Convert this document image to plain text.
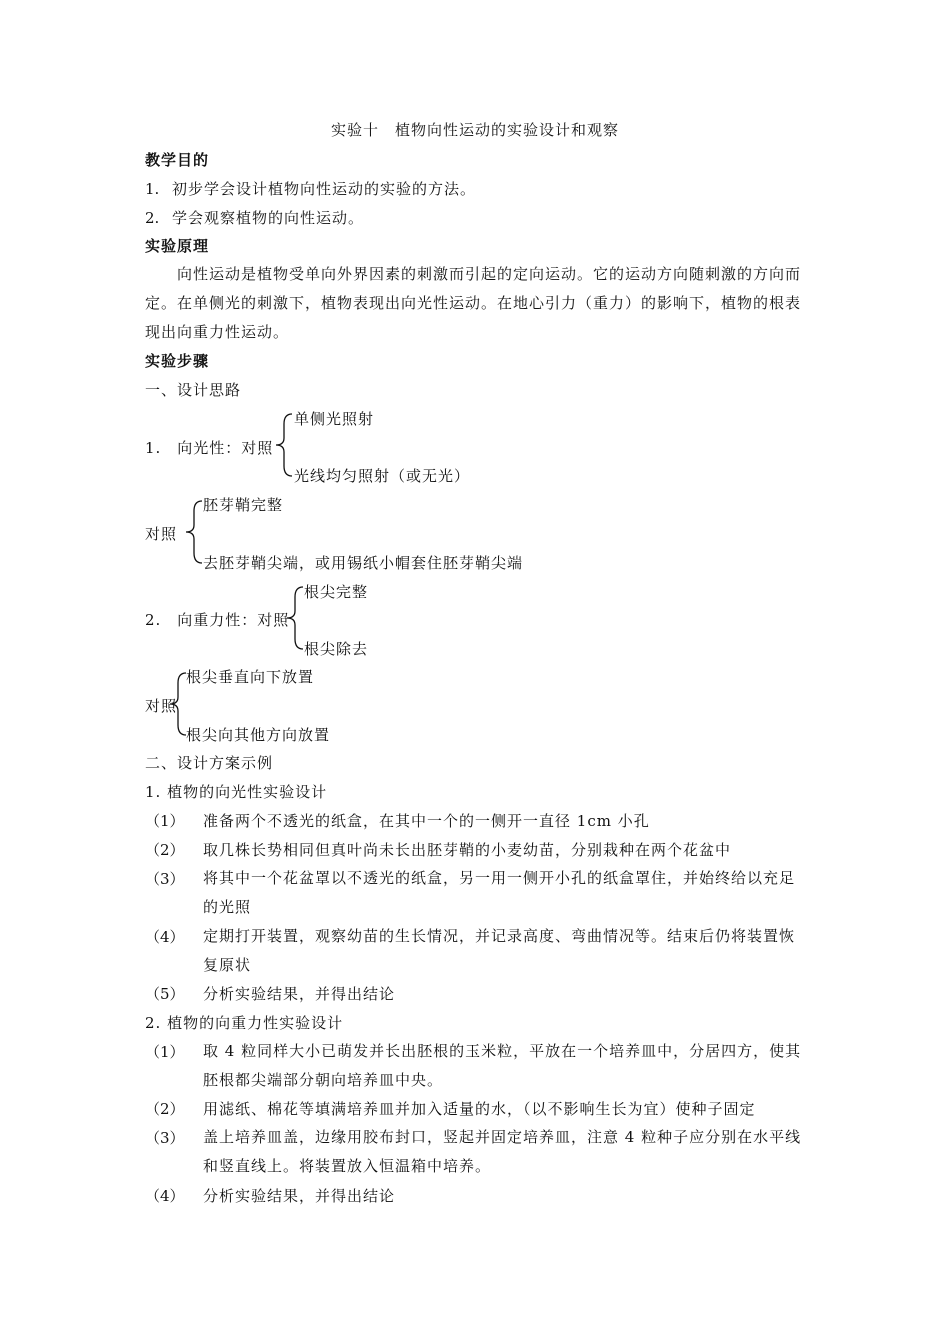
实验十　植物向性运动的实验设计和观察
教学目的
1. 初步学会设计植物向性运动的实验的方法。
2. 学会观察植物的向性运动。
实验原理
向性运动是植物受单向外界因素的刺激而引起的定向运动。它的运动方向随刺激的方向而定。在单侧光的刺激下，植物表现出向光性运动。在地心引力（重力）的影响下，植物的根表现出向重力性运动。
实验步骤
一、设计思路
1.　向光性：对照
单侧光照射
光线均匀照射（或无光）
对照
胚芽鞘完整
去胚芽鞘尖端，或用锡纸小帽套住胚芽鞘尖端
2.　向重力性：对照
根尖完整
根尖除去
对照
根尖垂直向下放置
根尖向其他方向放置
二、设计方案示例
1. 植物的向光性实验设计
（1） 准备两个不透光的纸盒，在其中一个的一侧开一直径 1cm 小孔
（2） 取几株长势相同但真叶尚未长出胚芽鞘的小麦幼苗，分别栽种在两个花盆中
（3） 将其中一个花盆罩以不透光的纸盒，另一用一侧开小孔的纸盒罩住，并始终给以充足的光照
（4） 定期打开装置，观察幼苗的生长情况，并记录高度、弯曲情况等。结束后仍将装置恢复原状
（5） 分析实验结果，并得出结论
2. 植物的向重力性实验设计
（1） 取 4 粒同样大小已萌发并长出胚根的玉米粒，平放在一个培养皿中，分居四方，使其胚根都尖端部分朝向培养皿中央。
（2） 用滤纸、棉花等填满培养皿并加入适量的水，（以不影响生长为宜）使种子固定
（3） 盖上培养皿盖，边缘用胶布封口，竖起并固定培养皿，注意 4 粒种子应分别在水平线和竖直线上。将装置放入恒温箱中培养。
（4） 分析实验结果，并得出结论
